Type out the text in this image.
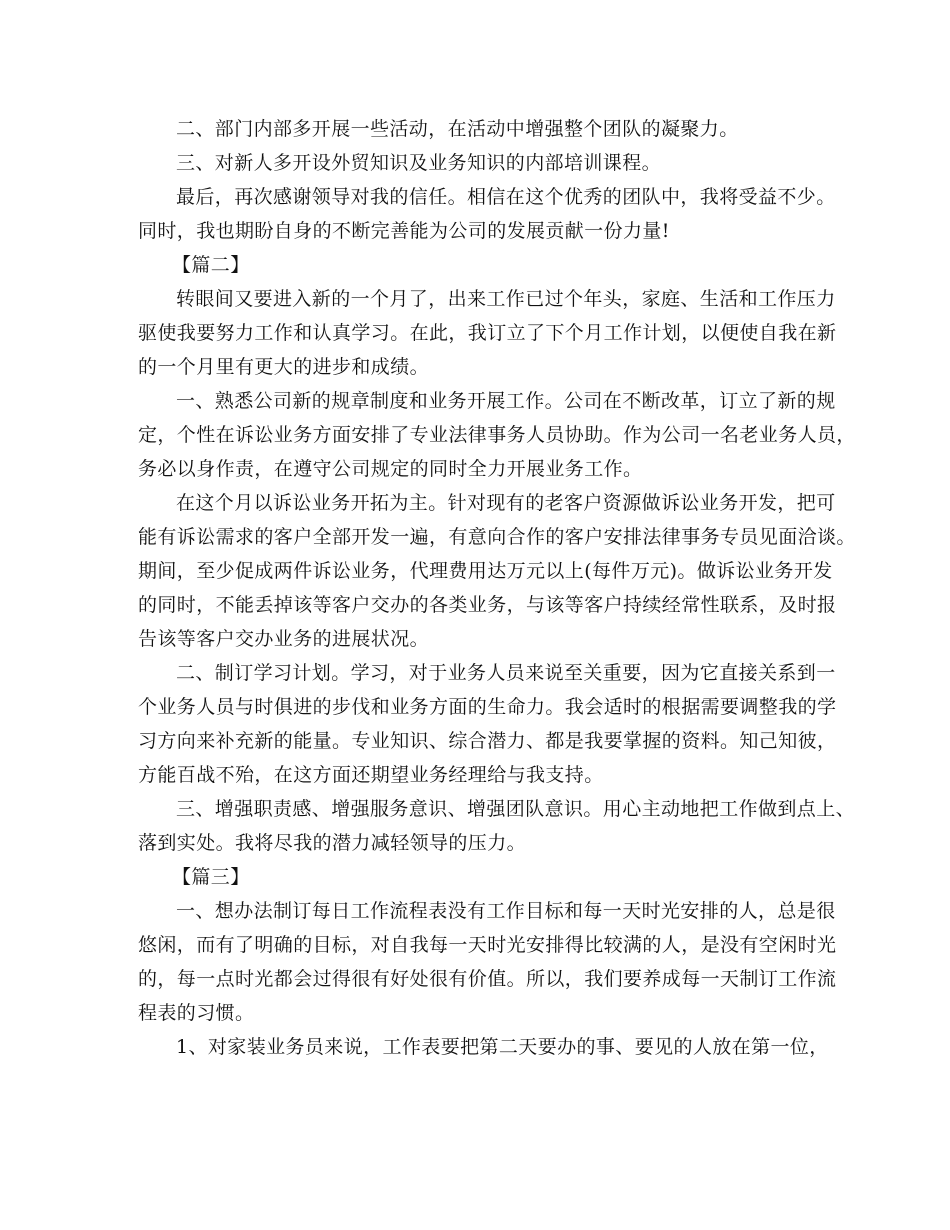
二、部门内部多开展一些活动，在活动中增强整个团队的凝聚力。
三、对新人多开设外贸知识及业务知识的内部培训课程。
最后，再次感谢领导对我的信任。相信在这个优秀的团队中，我将受益不少。
同时，我也期盼自身的不断完善能为公司的发展贡献一份力量!
【篇二】
转眼间又要进入新的一个月了，出来工作已过个年头，家庭、生活和工作压力
驱使我要努力工作和认真学习。在此，我订立了下个月工作计划，以便使自我在新
的一个月里有更大的进步和成绩。
一、熟悉公司新的规章制度和业务开展工作。公司在不断改革，订立了新的规
定，个性在诉讼业务方面安排了专业法律事务人员协助。作为公司一名老业务人员，
务必以身作责，在遵守公司规定的同时全力开展业务工作。
在这个月以诉讼业务开拓为主。针对现有的老客户资源做诉讼业务开发，把可
能有诉讼需求的客户全部开发一遍，有意向合作的客户安排法律事务专员见面洽谈。
期间，至少促成两件诉讼业务，代理费用达万元以上(每件万元)。做诉讼业务开发
的同时，不能丢掉该等客户交办的各类业务，与该等客户持续经常性联系，及时报
告该等客户交办业务的进展状况。
二、制订学习计划。学习，对于业务人员来说至关重要，因为它直接关系到一
个业务人员与时俱进的步伐和业务方面的生命力。我会适时的根据需要调整我的学
习方向来补充新的能量。专业知识、综合潜力、都是我要掌握的资料。知己知彼，
方能百战不殆，在这方面还期望业务经理给与我支持。
三、增强职责感、增强服务意识、增强团队意识。用心主动地把工作做到点上、
落到实处。我将尽我的潜力减轻领导的压力。
【篇三】
一、想办法制订每日工作流程表没有工作目标和每一天时光安排的人，总是很
悠闲，而有了明确的目标，对自我每一天时光安排得比较满的人，是没有空闲时光
的，每一点时光都会过得很有好处很有价值。所以，我们要养成每一天制订工作流
程表的习惯。
1、对家装业务员来说，工作表要把第二天要办的事、要见的人放在第一位，
